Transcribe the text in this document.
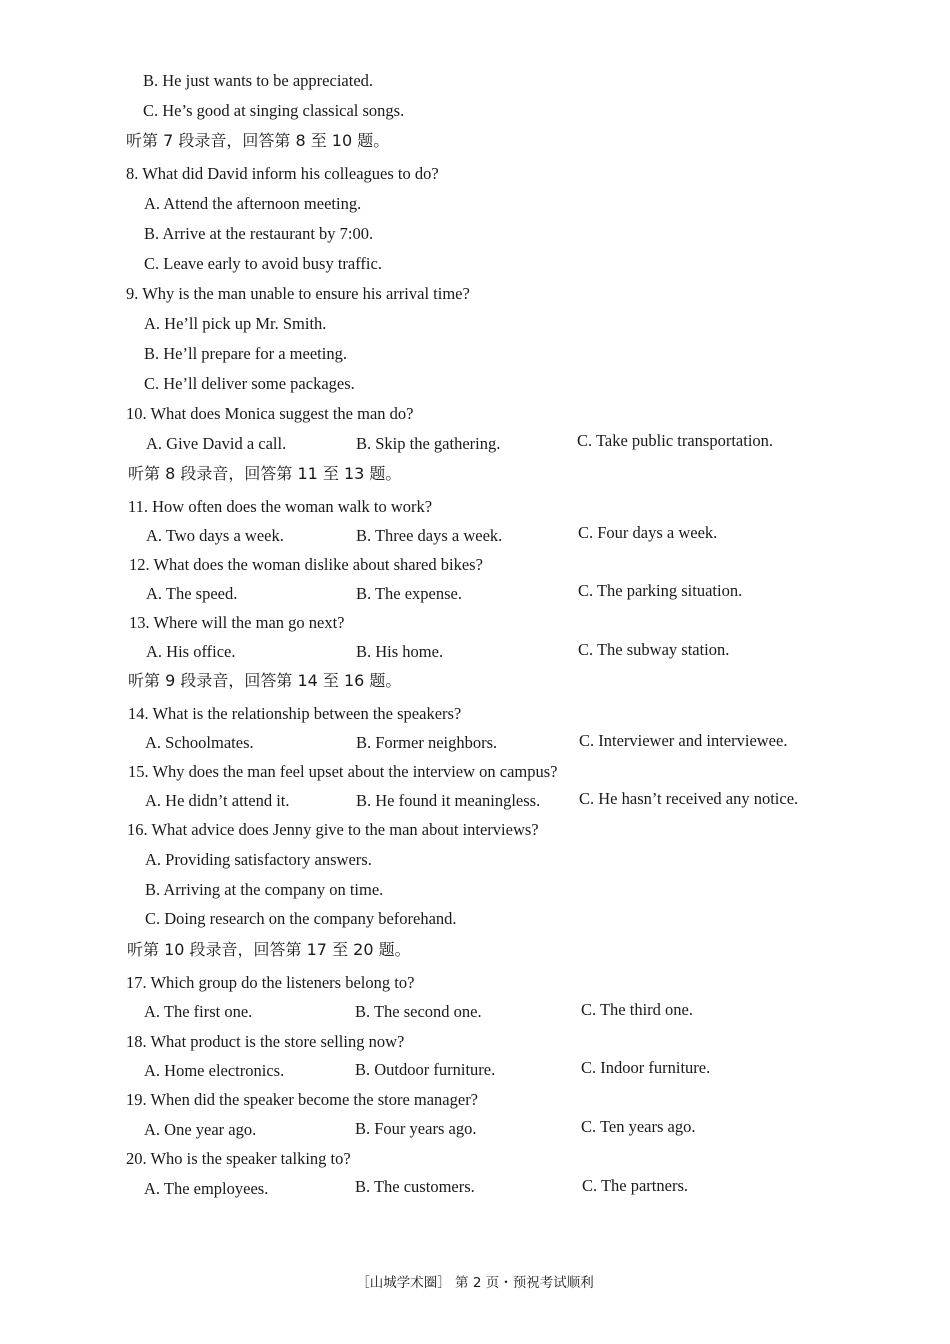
B. He just wants to be appreciated.
C. He’s good at singing classical songs.
听第 7 段录音，回答第 8 至 10 题。
8. What did David inform his colleagues to do?
A. Attend the afternoon meeting.
B. Arrive at the restaurant by 7:00.
C. Leave early to avoid busy traffic.
9. Why is the man unable to ensure his arrival time?
A. He’ll pick up Mr. Smith.
B. He’ll prepare for a meeting.
C. He’ll deliver some packages.
10. What does Monica suggest the man do?
A. Give David a call.	B. Skip the gathering.	C. Take public transportation.
听第 8 段录音，回答第 11 至 13 题。
11. How often does the woman walk to work?
A. Two days a week.	B. Three days a week.	C. Four days a week.
12. What does the woman dislike about shared bikes?
A. The speed.	B. The expense.	C. The parking situation.
13. Where will the man go next?
A. His office.	B. His home.	C. The subway station.
听第 9 段录音，回答第 14 至 16 题。
14. What is the relationship between the speakers?
A. Schoolmates.	B. Former neighbors.	C. Interviewer and interviewee.
15. Why does the man feel upset about the interview on campus?
A. He didn’t attend it.	B. He found it meaningless. C. He hasn’t received any notice.
16. What advice does Jenny give to the man about interviews?
A. Providing satisfactory answers.
B. Arriving at the company on time.
C. Doing research on the company beforehand.
听第 10 段录音，回答第 17 至 20 题。
17. Which group do the listeners belong to?
A. The first one.	B. The second one.	C. The third one.
18. What product is the store selling now?
A. Home electronics.	B. Outdoor furniture.	C. Indoor furniture.
19. When did the speaker become the store manager?
A. One year ago.	B. Four years ago.	C. Ten years ago.
20. Who is the speaker talking to?
A. The employees.	B. The customers.	C. The partners.
［山城学术圈］ 第 2 页・预祝考试顺利
